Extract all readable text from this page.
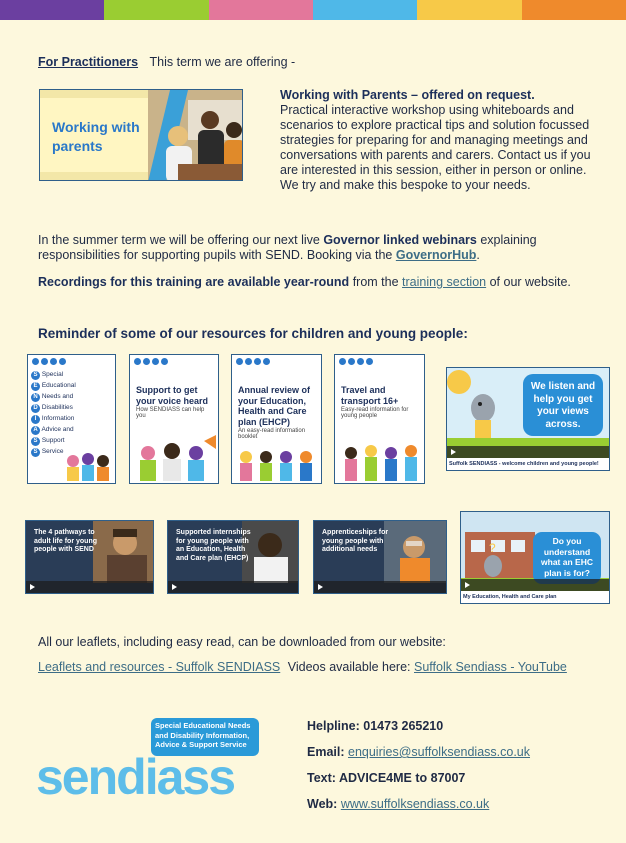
For Practitioners This term we are offering -
Working with parents
Working with Parents – offered on request.
Practical interactive workshop using whiteboards and scenarios to explore practical tips and solution focussed strategies for preparing for and managing meetings and conversations with parents and carers. Contact us if you are interested in this session, either in person or online. We try and make this bespoke to your needs.
In the summer term we will be offering our next live Governor linked webinars explaining responsibilities for supporting pupils with SEND. Booking via the GovernorHub.
Recordings for this training are available year-round from the training section of our website.
Reminder of some of our resources for children and young people:
S Special
E Educational
N Needs and
D Disabilities
I Information
A Advice and
S Support
S Service
Support to get your voice heard
How SENDIASS can help you
Annual review of your Education, Health and Care plan (EHCP)
An easy-read information booklet
Travel and transport 16+
Easy-read information for young people
We listen and help you get your views across.
Suffolk SENDIASS - welcome children and young people!
The 4 pathways to adult life for young people with SEND
Supported internships for young people with an Education, Health and Care plan (EHCP)
Apprenticeships for young people with additional needs	?	Do you understand what an EHC plan is for?
My Education, Health and Care plan
All our leaflets, including easy read, can be downloaded from our website:
Leaflets and resources - Suffolk SENDIASS Videos available here: Suffolk Sendiass - YouTube
Special Educational Needs and Disability Information, Advice & Support Service
sendiass
Helpline: 01473 265210
Email: enquiries@suffolksendiass.co.uk
Text: ADVICE4ME to 87007
Web: www.suffolksendiass.co.uk
